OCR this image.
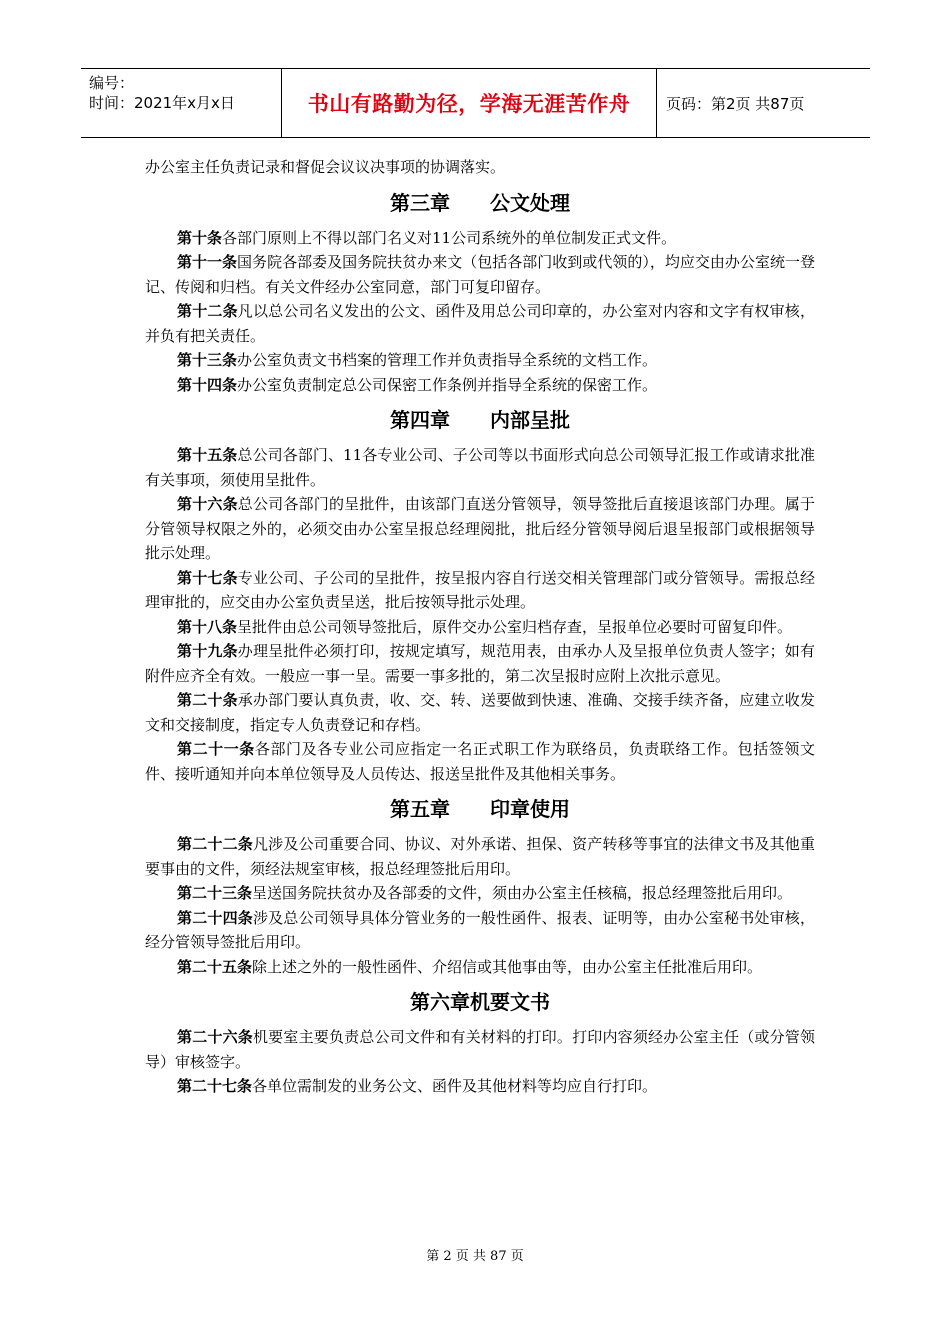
编号：
时间：2021年x月x日	书山有路勤为径，学海无涯苦作舟	页码：第2页 共87页

办公室主任负责记录和督促会议议决事项的协调落实。

第三章　　公文处理

第十条各部门原则上不得以部门名义对11公司系统外的单位制发正式文件。

第十一条国务院各部委及国务院扶贫办来文（包括各部门收到或代领的），均应交由办公室统一登记、传阅和归档。有关文件经办公室同意，部门可复印留存。

第十二条凡以总公司名义发出的公文、函件及用总公司印章的，办公室对内容和文字有权审核，并负有把关责任。

第十三条办公室负责文书档案的管理工作并负责指导全系统的文档工作。

第十四条办公室负责制定总公司保密工作条例并指导全系统的保密工作。

第四章　　内部呈批

第十五条总公司各部门、11各专业公司、子公司等以书面形式向总公司领导汇报工作或请求批准有关事项，须使用呈批件。

第十六条总公司各部门的呈批件，由该部门直送分管领导，领导签批后直接退该部门办理。属于分管领导权限之外的，必须交由办公室呈报总经理阅批，批后经分管领导阅后退呈报部门或根据领导批示处理。

第十七条专业公司、子公司的呈批件，按呈报内容自行送交相关管理部门或分管领导。需报总经理审批的，应交由办公室负责呈送，批后按领导批示处理。

第十八条呈批件由总公司领导签批后，原件交办公室归档存查，呈报单位必要时可留复印件。

第十九条办理呈批件必须打印，按规定填写，规范用表，由承办人及呈报单位负责人签字；如有附件应齐全有效。一般应一事一呈。需要一事多批的，第二次呈报时应附上次批示意见。

第二十条承办部门要认真负责，收、交、转、送要做到快速、准确、交接手续齐备，应建立收发文和交接制度，指定专人负责登记和存档。

第二十一条各部门及各专业公司应指定一名正式职工作为联络员，负责联络工作。包括签领文件、接听通知并向本单位领导及人员传达、报送呈批件及其他相关事务。

第五章　　印章使用

第二十二条凡涉及公司重要合同、协议、对外承诺、担保、资产转移等事宜的法律文书及其他重要事由的文件，须经法规室审核，报总经理签批后用印。

第二十三条呈送国务院扶贫办及各部委的文件，须由办公室主任核稿，报总经理签批后用印。

第二十四条涉及总公司领导具体分管业务的一般性函件、报表、证明等，由办公室秘书处审核，经分管领导签批后用印。

第二十五条除上述之外的一般性函件、介绍信或其他事由等，由办公室主任批准后用印。

第六章机要文书

第二十六条机要室主要负责总公司文件和有关材料的打印。打印内容须经办公室主任（或分管领导）审核签字。

第二十七条各单位需制发的业务公文、函件及其他材料等均应自行打印。

第 2 页 共 87 页
